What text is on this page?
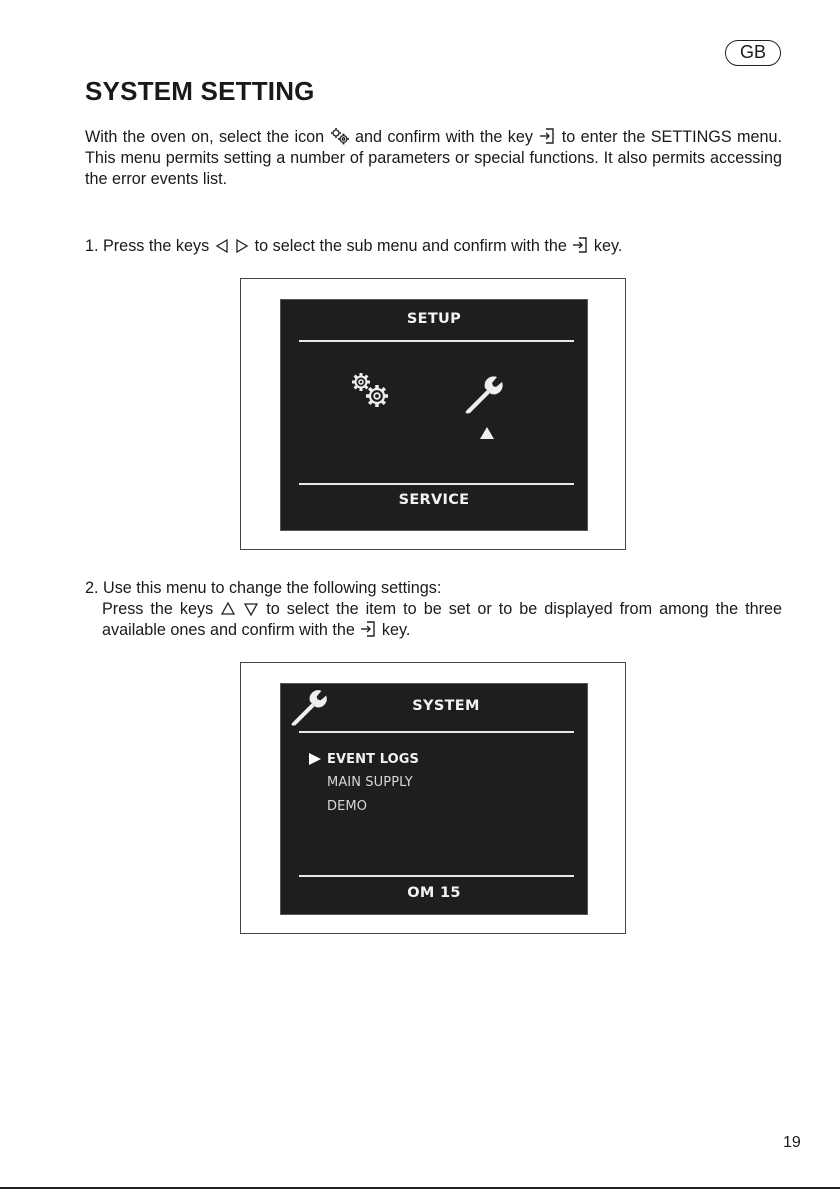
GB
SYSTEM SETTING
With the oven on, select the icon and confirm with the key to enter the SETTINGS menu. This menu permits setting a number of parameters or special functions. It also permits accessing the error events list.
1. Press the keys	to select the sub menu and confirm with the key.
SETUP
SERVICE
2. Use this menu to change the following settings:
Press the keys	to select the item to be set or to be displayed from among the three available ones and confirm with the key.
SYSTEM
EVENT LOGS
MAIN SUPPLY
DEMO
OM 15
19
